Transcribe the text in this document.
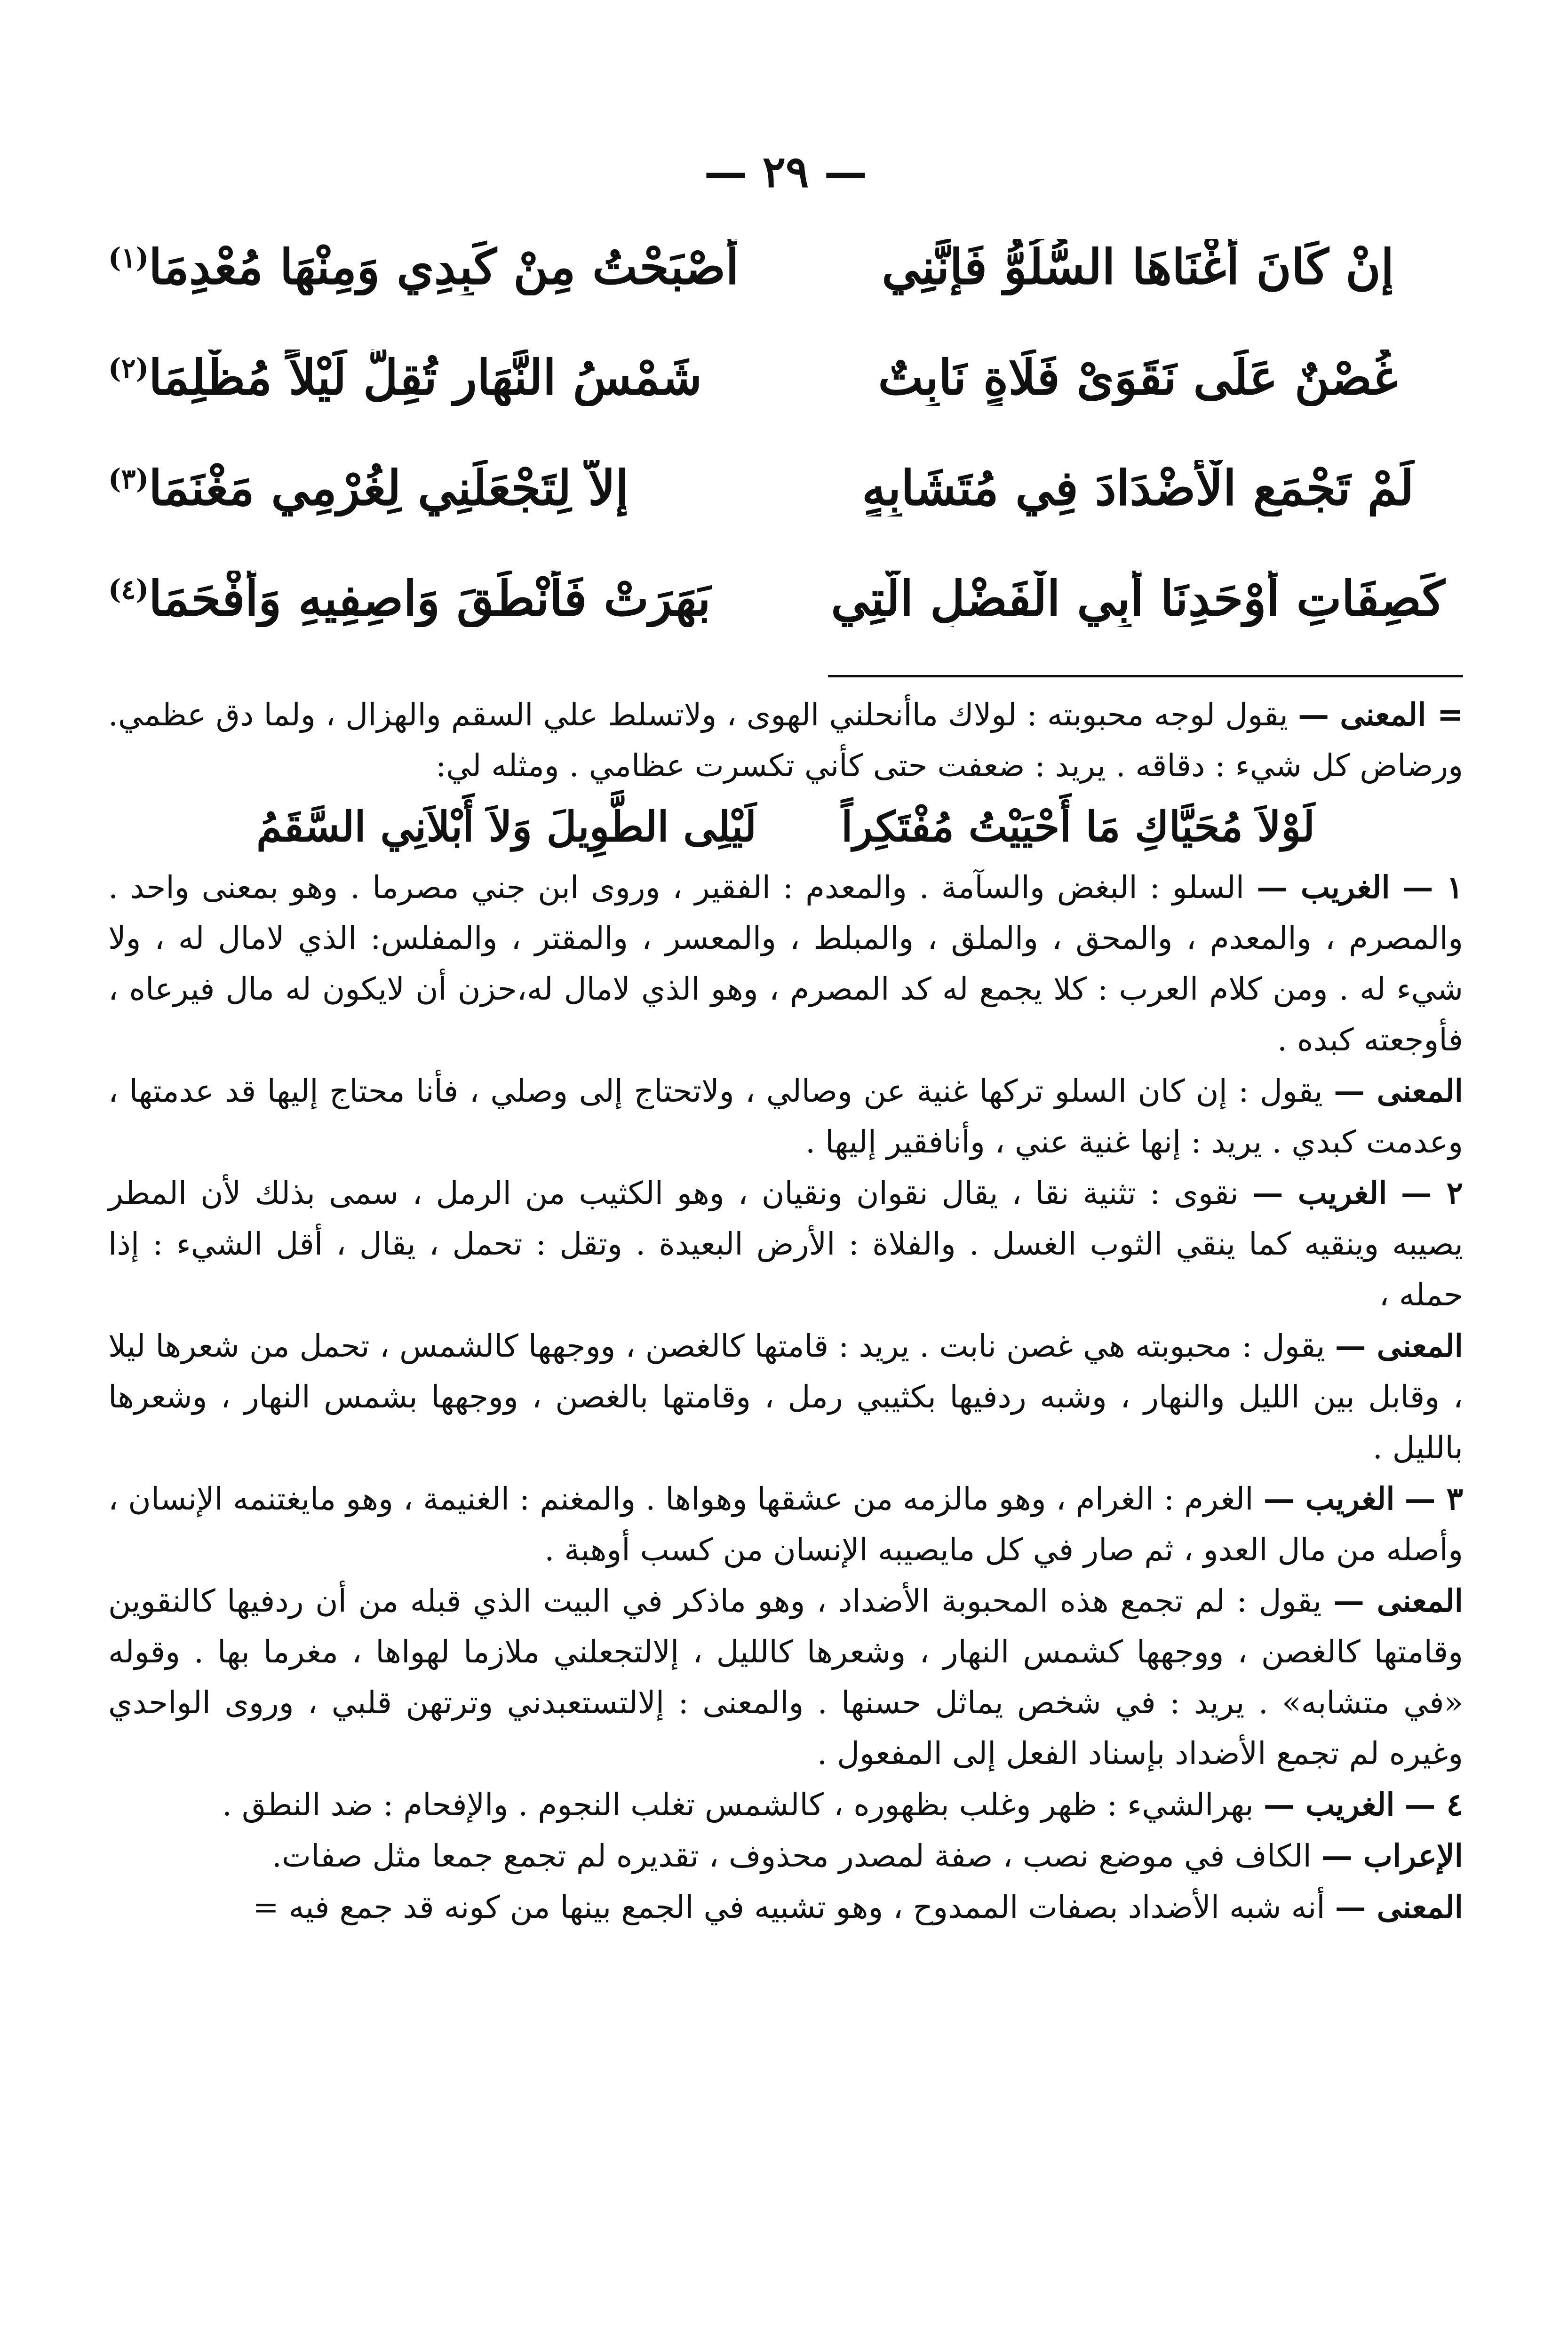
— ٢٩ —
إِنْ كَانَ أَغْنَاهَا السُّلُوُّ فَإِنَّنِي
أُصْبَحْتُ مِنْ كَبِدِي وَمِنْهَا مُعْدِمَا$^{(١)}$
غُصْنٌ عَلَى نَقَوَىْ فَلَاةٍ نَابِتٌ
شَمْسُ النَّهَارِ تُقِلُّ لَيْلاً مُظْلِمَا$^{(٢)}$
لَمْ تَجْمَعِ الْأَضْدَادَ فِي مُتَشَابِهٍ
إِلاَّ لِتَجْعَلَنِي لِغُرْمِي مَغْنَمَا$^{(٣)}$
كَصِفَاتِ أَوْحَدِنَا أَبِي الْفَضْلِ الَّتِي
بَهَرَتْ فَأَنْطَقَ وَاصِفِيهِ وَأَفْحَمَا$^{(٤)}$

= المعنى — يقول لوجه محبوبته : لولاك ماأنحلني الهوى ، ولاتسلط علي السقم والهزال ، ولما دق عظمي. ورضاض كل شيء : دقاقه . يريد : ضعفت حتى كأني تكسرت عظامي . ومثله لي:

لَوْلاَ مُحَيَّاكِ مَا أَحْيَيْتُ مُفْتَكِراً
لَيْلِى الطَّوِيلَ وَلاَ أَبْلاَنِي السَّقَمُ

١ — الغريب — السلو : البغض والسآمة . والمعدم : الفقير ، وروى ابن جني مصرما . وهو بمعنى واحد . والمصرم ، والمعدم ، والمحق ، والملق ، والمبلط ، والمعسر ، والمقتر ، والمفلس: الذي لامال له ، ولا شيء له . ومن كلام العرب : كلا يجمع له كد المصرم ، وهو الذي لامال له،حزن أن لايكون له مال فيرعاه ، فأوجعته كبده .

المعنى — يقول : إن كان السلو تركها غنية عن وصالي ، ولاتحتاج إلى وصلي ، فأنا محتاج إليها قد عدمتها ، وعدمت كبدي . يريد : إنها غنية عني ، وأنافقير إليها .

٢ — الغريب — نقوى : تثنية نقا ، يقال نقوان ونقيان ، وهو الكثيب من الرمل ، سمى بذلك لأن المطر يصيبه وينقيه كما ينقي الثوب الغسل . والفلاة : الأرض البعيدة . وتقل : تحمل ، يقال ، أقل الشيء : إذا حمله ،

المعنى — يقول : محبوبته هي غصن نابت . يريد : قامتها كالغصن ، ووجهها كالشمس ، تحمل من شعرها ليلا ، وقابل بين الليل والنهار ، وشبه ردفيها بكثيبي رمل ، وقامتها بالغصن ، ووجهها بشمس النهار ، وشعرها بالليل .

٣ — الغريب — الغرم : الغرام ، وهو مالزمه من عشقها وهواها . والمغنم : الغنيمة ، وهو مايغتنمه الإنسان ، وأصله من مال العدو ، ثم صار في كل مايصيبه الإنسان من كسب أوهبة .

المعنى — يقول : لم تجمع هذه المحبوبة الأضداد ، وهو ماذكر في البيت الذي قبله من أن ردفيها كالنقوين وقامتها كالغصن ، ووجهها كشمس النهار ، وشعرها كالليل ، إلالتجعلني ملازما لهواها ، مغرما بها . وقوله «في متشابه» . يريد : في شخص يماثل حسنها . والمعنى : إلالتستعبدني وترتهن قلبي ، وروى الواحدي وغيره لم تجمع الأضداد بإسناد الفعل إلى المفعول .

٤ — الغريب — بهرالشيء : ظهر وغلب بظهوره ، كالشمس تغلب النجوم . والإفحام : ضد النطق .

الإعراب — الكاف في موضع نصب ، صفة لمصدر محذوف ، تقديره لم تجمع جمعا مثل صفات.

المعنى — أنه شبه الأضداد بصفات الممدوح ، وهو تشبيه في الجمع بينها من كونه قد جمع فيه =
